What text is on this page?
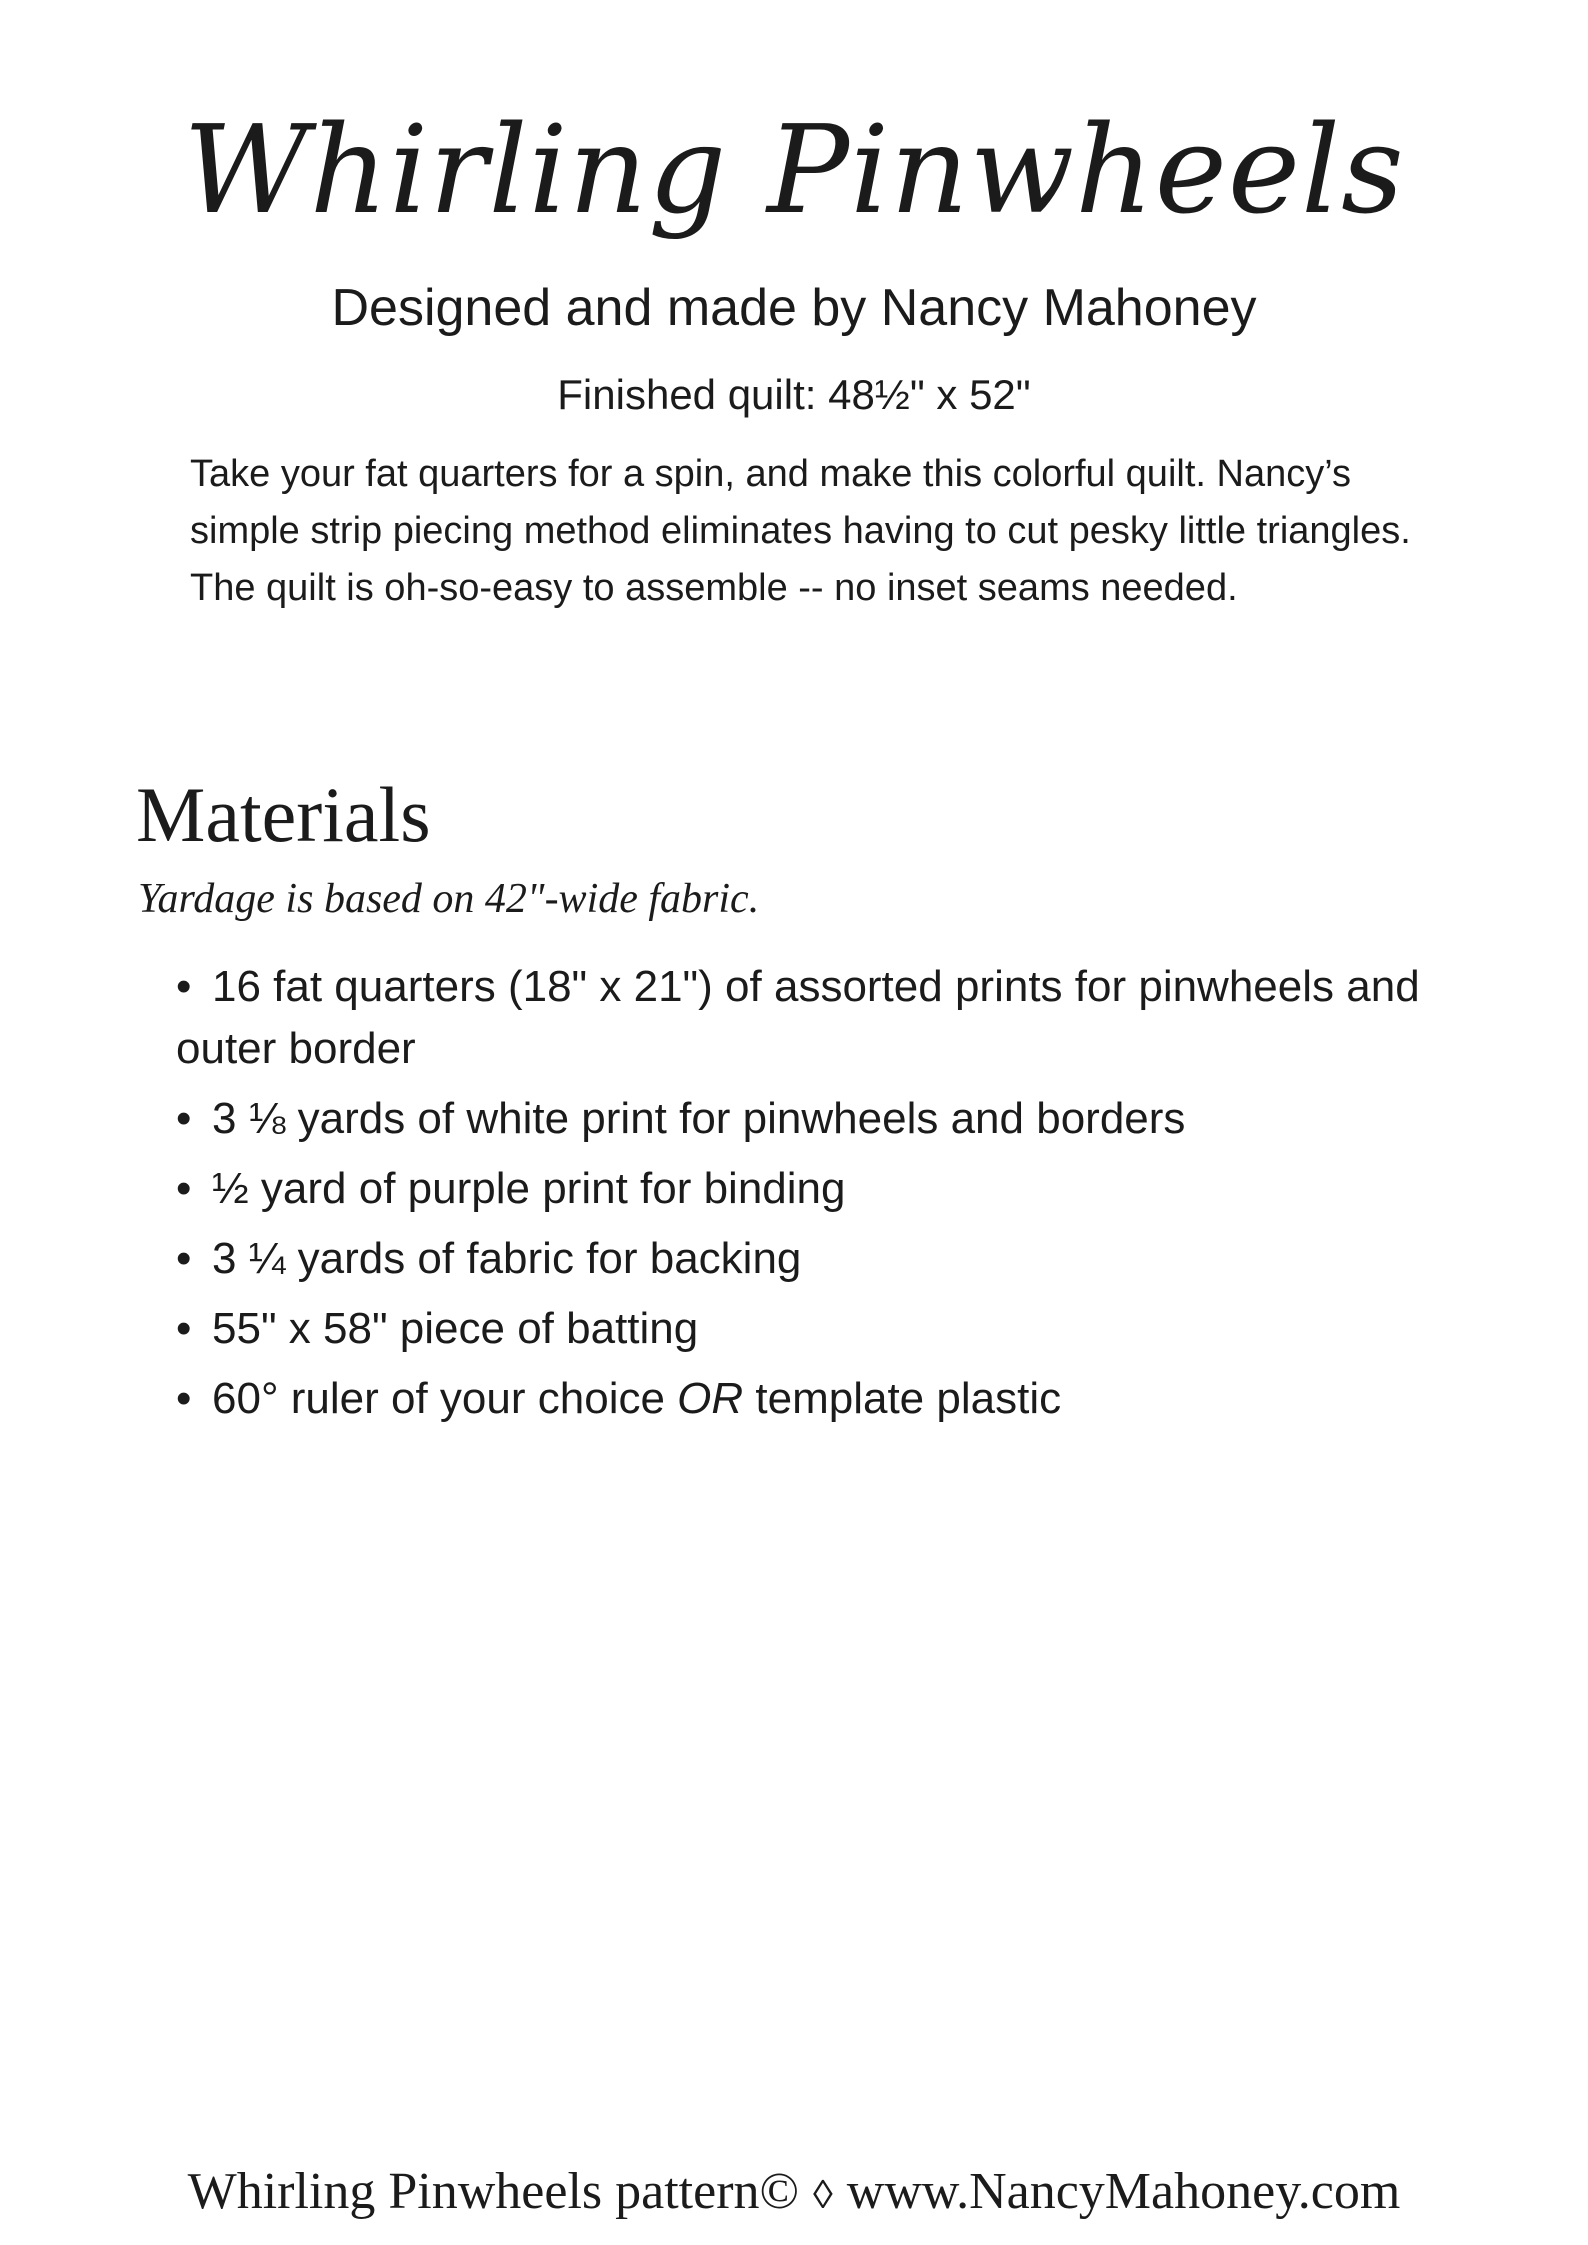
Whirling Pinwheels
Designed and made by Nancy Mahoney
Finished quilt: 48½" x 52"

Take your fat quarters for a spin, and make this colorful quilt. Nancy’s simple strip piecing method eliminates having to cut pesky little triangles. The quilt is oh-so-easy to assemble -- no inset seams needed.

Materials

Yardage is based on 42"-wide fabric.

• 16 fat quarters (18" x 21") of assorted prints for pinwheels and outer border
• 3 ⅛ yards of white print for pinwheels and borders
• ½ yard of purple print for binding
• 3 ¼ yards of fabric for backing
• 55" x 58" piece of batting
• 60° ruler of your choice OR template plastic
Whirling Pinwheels pattern© ◊ www.NancyMahoney.com
